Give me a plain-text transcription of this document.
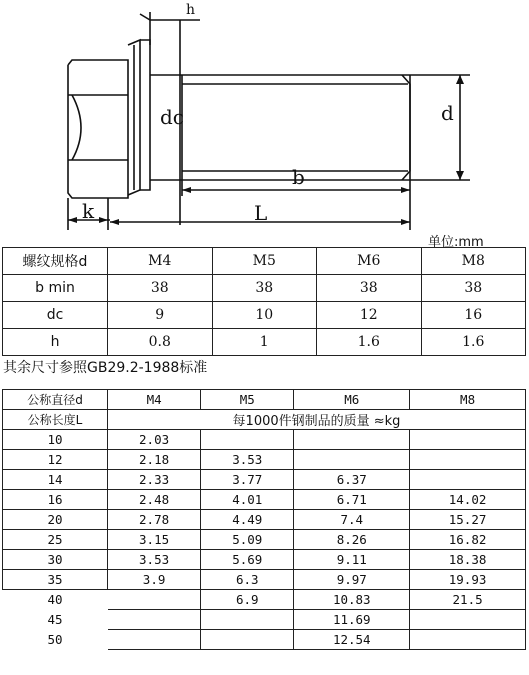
dc	d
b
k	L
h
单位:mm
螺纹规格d	M4	M5	M6	M8
b min	38	38	38	38
dc	9	10	12	16
h	0.8	1	1.6	1.6
其余尺寸参照GB29.2-1988标准
公称直径d	M4	M5	M6	M8
公称长度L	每1000件钢制品的质量 ≈kg			
10	2.03			
12	2.18	3.53		
14	2.33	3.77	6.37	
16	2.48	4.01	6.71	14.02
20	2.78	4.49	7.4	15.27
25	3.15	5.09	8.26	16.82
30	3.53	5.69	9.11	18.38
35	3.9	6.3	9.97	19.93
40		6.9	10.83	21.5
45			11.69	
50			12.54	
